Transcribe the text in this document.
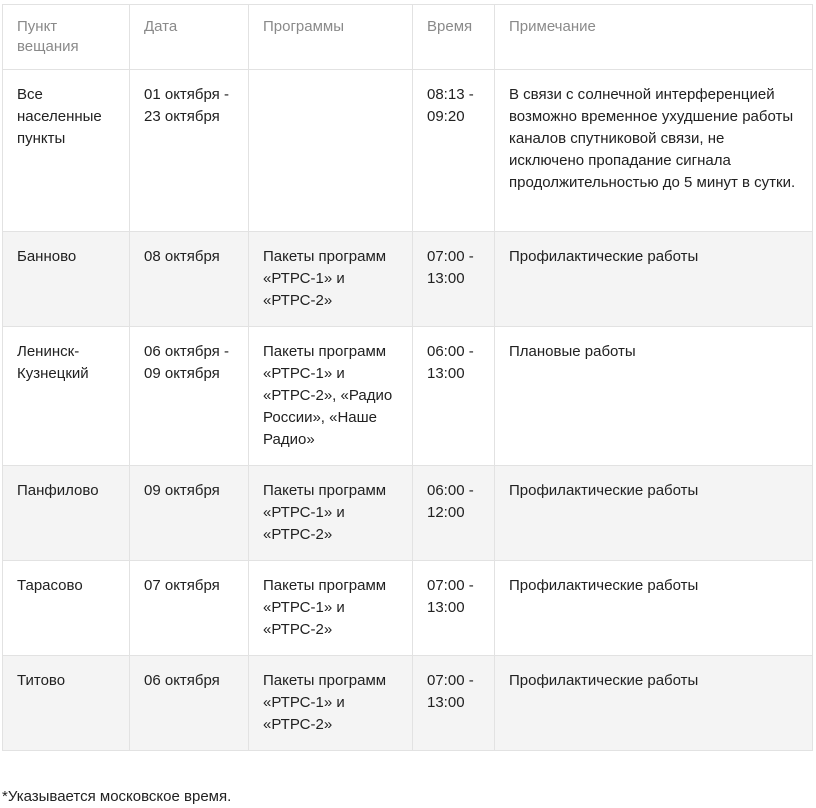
Пункт вещания	Дата	Программы	Время	Примечание
Все населенные пункты	01 октября - 23 октября		08:13 - 09:20	В связи с солнечной интерференцией возможно временное ухудшение работы каналов спутниковой связи, не исключено пропадание сигнала продолжительностью до 5 минут в сутки.
Банново	08 октября	Пакеты программ «РТРС-1» и «РТРС-2»	07:00 - 13:00	Профилактические работы
Ленинск-Кузнецкий	06 октября - 09 октября	Пакеты программ «РТРС-1» и «РТРС-2», «Радио России», «Наше Радио»	06:00 - 13:00	Плановые работы
Панфилово	09 октября	Пакеты программ «РТРС-1» и «РТРС-2»	06:00 - 12:00	Профилактические работы
Тарасово	07 октября	Пакеты программ «РТРС-1» и «РТРС-2»	07:00 - 13:00	Профилактические работы
Титово	06 октября	Пакеты программ «РТРС-1» и «РТРС-2»	07:00 - 13:00	Профилактические работы
*Указывается московское время.
